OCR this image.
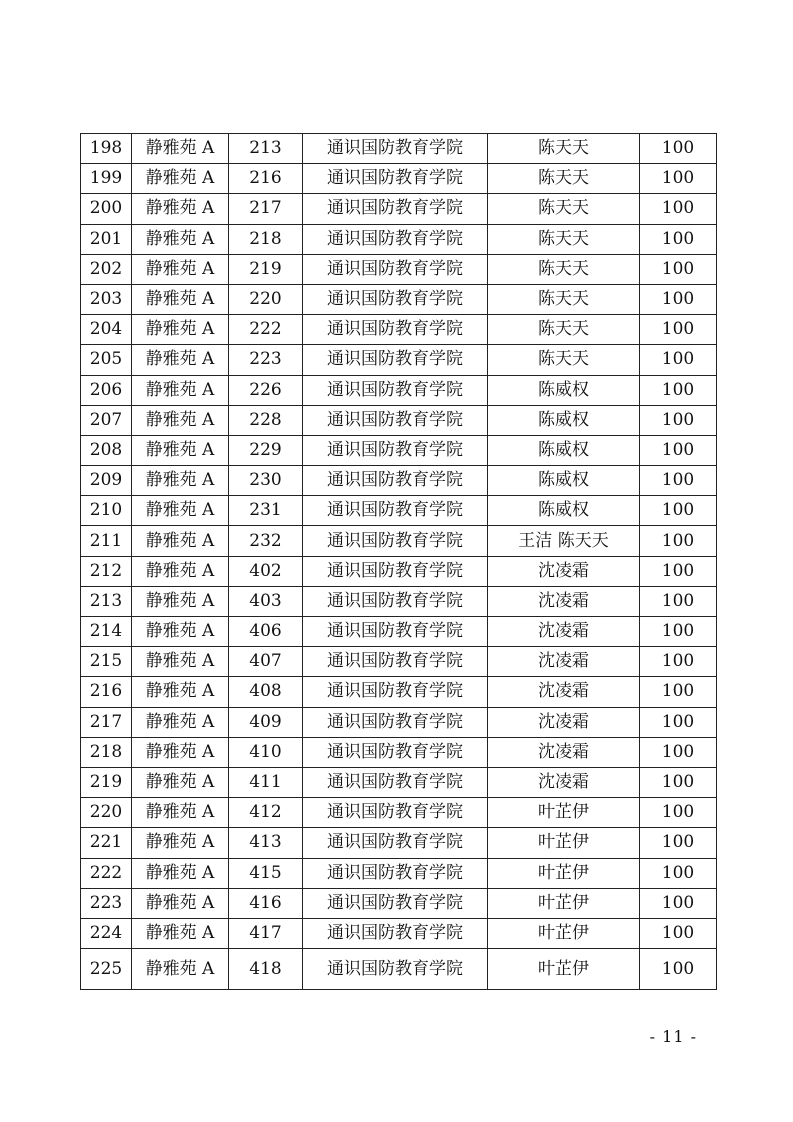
198	静雅苑 A	213	通识国防教育学院	陈天天	100
199	静雅苑 A	216	通识国防教育学院	陈天天	100
200	静雅苑 A	217	通识国防教育学院	陈天天	100
201	静雅苑 A	218	通识国防教育学院	陈天天	100
202	静雅苑 A	219	通识国防教育学院	陈天天	100
203	静雅苑 A	220	通识国防教育学院	陈天天	100
204	静雅苑 A	222	通识国防教育学院	陈天天	100
205	静雅苑 A	223	通识国防教育学院	陈天天	100
206	静雅苑 A	226	通识国防教育学院	陈威权	100
207	静雅苑 A	228	通识国防教育学院	陈威权	100
208	静雅苑 A	229	通识国防教育学院	陈威权	100
209	静雅苑 A	230	通识国防教育学院	陈威权	100
210	静雅苑 A	231	通识国防教育学院	陈威权	100
211	静雅苑 A	232	通识国防教育学院	王洁 陈天天	100
212	静雅苑 A	402	通识国防教育学院	沈凌霜	100
213	静雅苑 A	403	通识国防教育学院	沈凌霜	100
214	静雅苑 A	406	通识国防教育学院	沈凌霜	100
215	静雅苑 A	407	通识国防教育学院	沈凌霜	100
216	静雅苑 A	408	通识国防教育学院	沈凌霜	100
217	静雅苑 A	409	通识国防教育学院	沈凌霜	100
218	静雅苑 A	410	通识国防教育学院	沈凌霜	100
219	静雅苑 A	411	通识国防教育学院	沈凌霜	100
220	静雅苑 A	412	通识国防教育学院	叶芷伊	100
221	静雅苑 A	413	通识国防教育学院	叶芷伊	100
222	静雅苑 A	415	通识国防教育学院	叶芷伊	100
223	静雅苑 A	416	通识国防教育学院	叶芷伊	100
224	静雅苑 A	417	通识国防教育学院	叶芷伊	100
225	静雅苑 A	418	通识国防教育学院	叶芷伊	100
- 11 -
